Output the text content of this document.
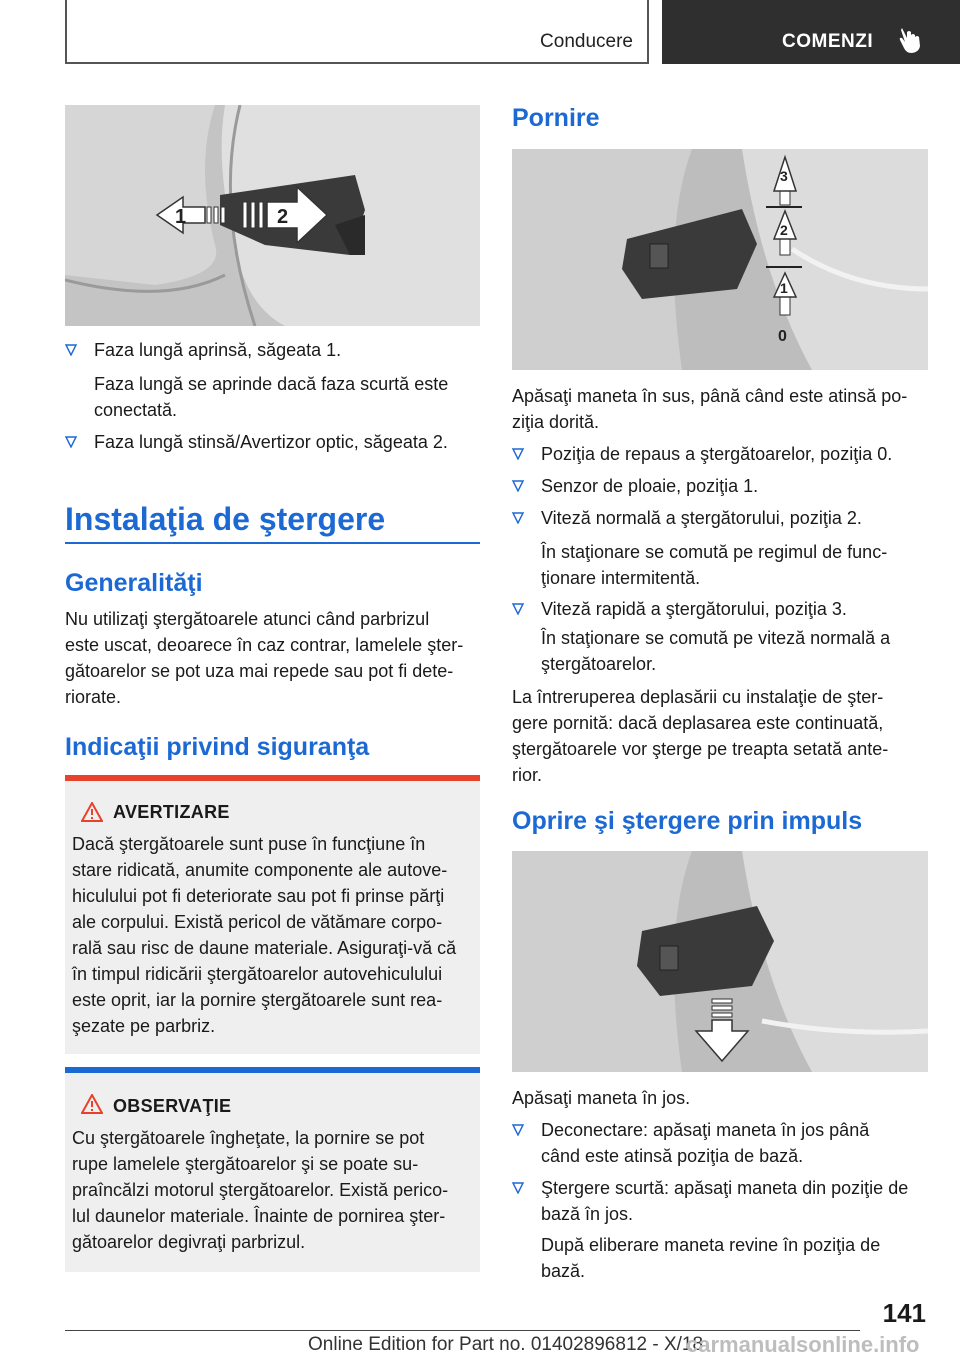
Conducere	COMENZI
1	2
Faza lungă aprinsă, săgeata 1.
Faza lungă se aprinde dacă faza scurtă este
conectată.
Faza lungă stinsă/Avertizor optic, săgeata 2.
Instalaţia de ştergere
Generalităţi
Nu utilizaţi ştergătoarele atunci când parbrizul
este uscat, deoarece în caz contrar, lamelele şter‐
gătoarelor se pot uza mai repede sau pot fi dete‐
riorate.
Indicaţii privind siguranţa
AVERTIZARE
Dacă ştergătoarele sunt puse în funcţiune în
stare ridicată, anumite componente ale autove‐
hiculului pot fi deteriorate sau pot fi prinse părţi
ale corpului. Există pericol de vătămare corpo‐
rală sau risc de daune materiale. Asiguraţi-vă că
în timpul ridicării ştergătoarelor autovehiculului
este oprit, iar la pornire ştergătoarele sunt rea‐
şezate pe parbriz.
OBSERVAŢIE
Cu ştergătoarele îngheţate, la pornire se pot
rupe lamelele ştergătoarelor şi se poate su‐
praîncălzi motorul ştergătoarelor. Există perico‐
lul daunelor materiale. Înainte de pornirea şter‐
gătoarelor degivraţi parbrizul.
Pornire
3
2
1
0
Apăsaţi maneta în sus, până când este atinsă po‐
ziţia dorită.
Poziţia de repaus a ştergătoarelor, poziţia 0.
Senzor de ploaie, poziţia 1.
Viteză normală a ştergătorului, poziţia 2.
În staţionare se comută pe regimul de func‐
ţionare intermitentă.
Viteză rapidă a ştergătorului, poziţia 3.
În staţionare se comută pe viteză normală a
ştergătoarelor.
La întreruperea deplasării cu instalaţie de şter‐
gere pornită: dacă deplasarea este continuată,
ştergătoarele vor şterge pe treapta setată ante‐
rior.
Oprire şi ştergere prin impuls
Apăsaţi maneta în jos.
Deconectare: apăsaţi maneta în jos până
când este atinsă poziţia de bază.
Ştergere scurtă: apăsaţi maneta din poziţie de
bază în jos.
După eliberare maneta revine în poziţia de
bază.
141
Online Edition for Part no. 01402896812 - X/18
carmanualsonline.info
